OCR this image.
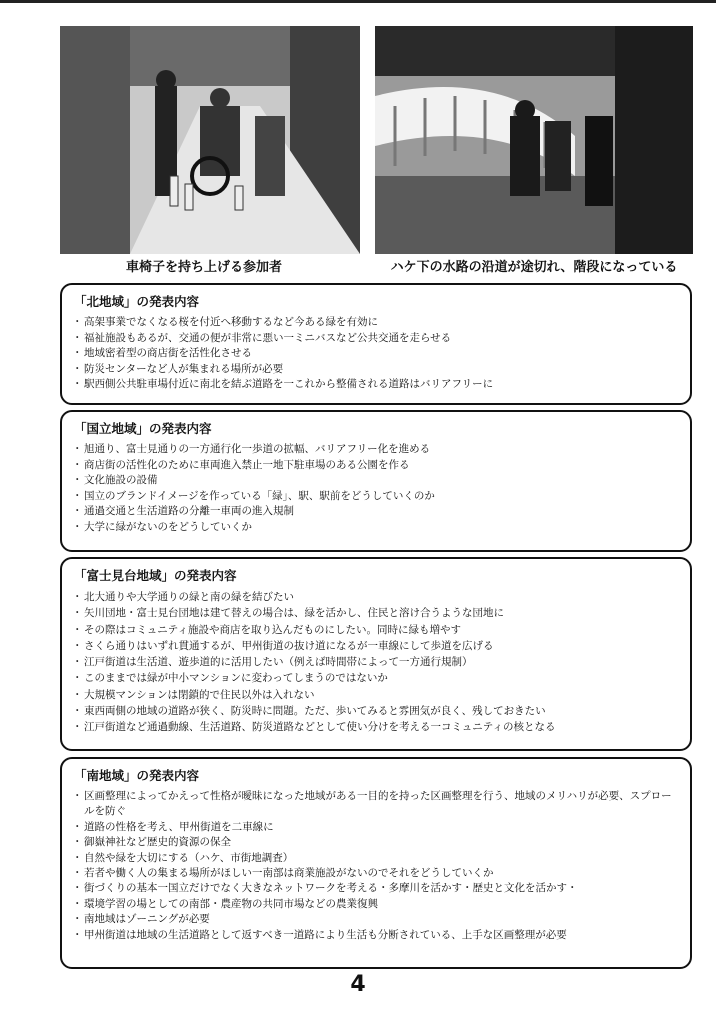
車椅子を持ち上げる参加者	ハケ下の水路の沿道が途切れ、階段になっている
「北地域」の発表内容
・ 高架事業でなくなる桜を付近へ移動するなど今ある緑を有効に
・ 福祉施設もあるが、交通の便が非常に悪い一ミニバスなど公共交通を走らせる
・ 地域密着型の商店街を活性化させる
・ 防災センターなど人が集まれる場所が必要
・ 駅西側公共駐車場付近に南北を結ぶ道路を一これから整備される道路はバリアフリーに
「国立地域」の発表内容
・ 旭通り、富士見通りの一方通行化一歩道の拡幅、バリアフリー化を進める
・ 商店街の活性化のために車両進入禁止一地下駐車場のある公園を作る
・ 文化施設の設備
・ 国立のブランドイメージを作っている「緑」、駅、駅前をどうしていくのか
・ 通過交通と生活道路の分離一車両の進入規制
・ 大学に緑がないのをどうしていくか
「富士見台地域」の発表内容
・ 北大通りや大学通りの緑と南の緑を結びたい
・ 矢川団地・富士見台団地は建て替えの場合は、緑を活かし、住民と溶け合うような団地に
・ その際はコミュニティ施設や商店を取り込んだものにしたい。同時に緑も増やす
・ さくら通りはいずれ貫通するが、甲州街道の抜け道になるが一車線にして歩道を広げる
・ 江戸街道は生活道、遊歩道的に活用したい（例えば時間帯によって一方通行規制）
・ このままでは緑が中小マンションに変わってしまうのではないか
・ 大規模マンションは閉鎖的で住民以外は入れない
・ 東西両側の地域の道路が狭く、防災時に問題。ただ、歩いてみると雰囲気が良く、残しておきたい
・ 江戸街道など通過動線、生活道路、防災道路などとして使い分けを考える一コミュニティの核となる
「南地域」の発表内容
・ 区画整理によってかえって性格が曖昧になった地域がある一目的を持った区画整理を行う、地域のメリハリが必要、スプロールを防ぐ
・ 道路の性格を考え、甲州街道を二車線に
・ 御嶽神社など歴史的資源の保全
・ 自然や緑を大切にする（ハケ、市街地調査）
・ 若者や働く人の集まる場所がほしい一南部は商業施設がないのでそれをどうしていくか
・ 街づくりの基本一国立だけでなく大きなネットワークを考える・多摩川を活かす・歴史と文化を活かす・
・ 環境学習の場としての南部・農産物の共同市場などの農業復興
・ 南地域はゾーニングが必要
・ 甲州街道は地域の生活道路として返すべき一道路により生活も分断されている、上手な区画整理が必要
4
